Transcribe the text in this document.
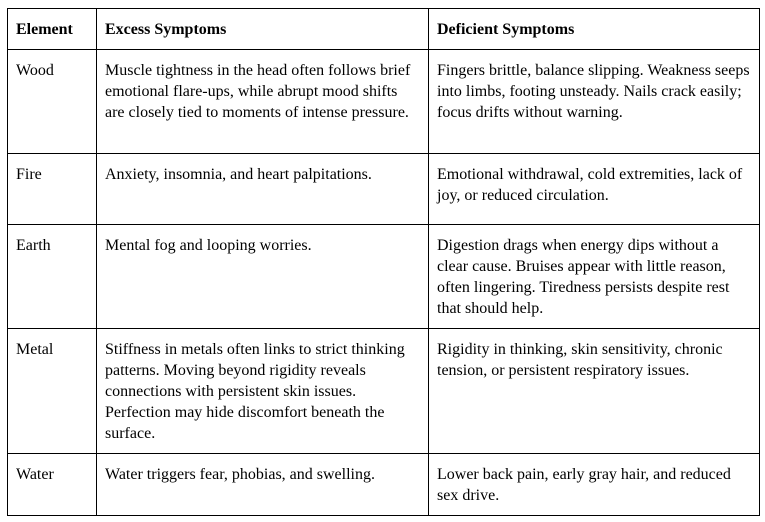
Element	Excess Symptoms	Deficient Symptoms
Wood	Muscle tightness in the head often follows brief emotional flare-ups, while abrupt mood shifts are closely tied to moments of intense pressure.	Fingers brittle, balance slipping. Weakness seeps into limbs, footing unsteady. Nails crack easily; focus drifts without warning.
Fire	Anxiety, insomnia, and heart palpitations.	Emotional withdrawal, cold extremities, lack of joy, or reduced circulation.
Earth	Mental fog and looping worries.	Digestion drags when energy dips without a clear cause. Bruises appear with little reason, often lingering. Tiredness persists despite rest that should help.
Metal	Stiffness in metals often links to strict thinking patterns. Moving beyond rigidity reveals connections with persistent skin issues. Perfection may hide discomfort beneath the surface.	Rigidity in thinking, skin sensitivity, chronic tension, or persistent respiratory issues.
Water	Water triggers fear, phobias, and swelling.	Lower back pain, early gray hair, and reduced sex drive.
